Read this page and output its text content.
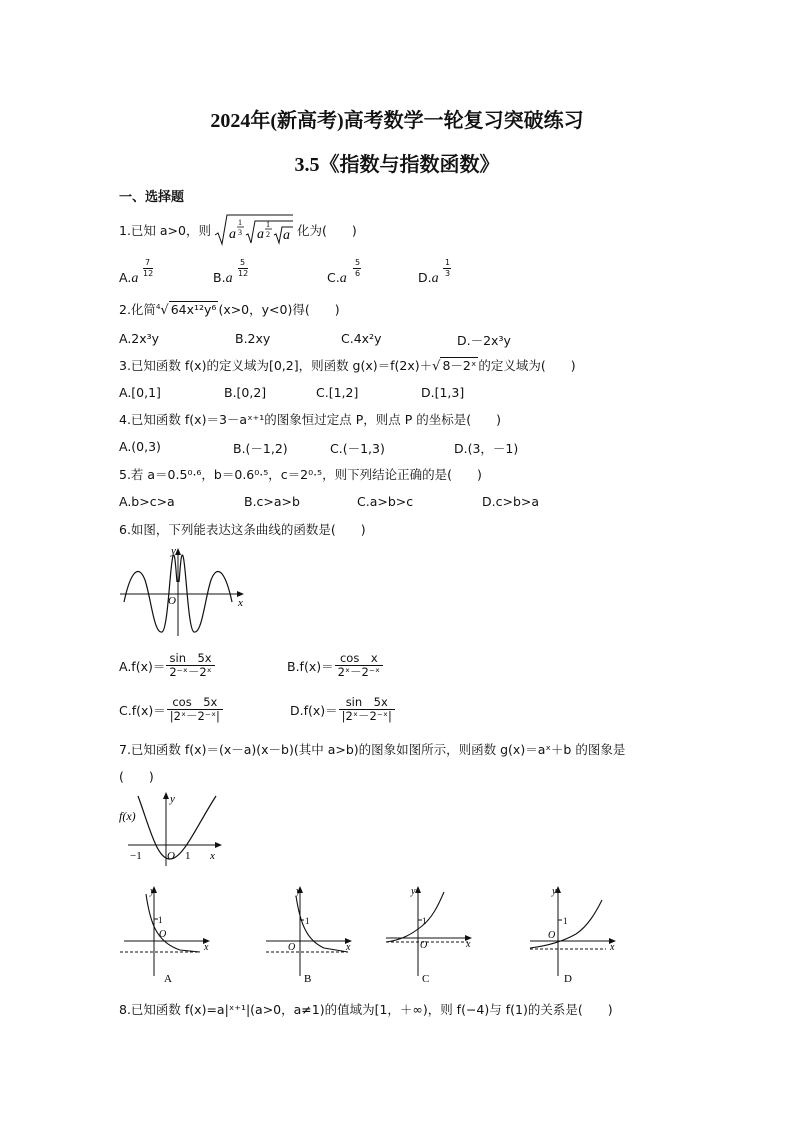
2024年(新高考)高考数学一轮复习突破练习
3.5《指数与指数函数》
一、选择题
1.已知 a>0，则 a
1
3 a
1
2 a 化为(　　)
A.a
7
12	B.a
5
12	C.a
5
6	D.a
1
3
2.化简$^4$√ 64x¹²y⁶ (x>0，y<0)得(　　)
A.2x³y	B.2xy	C.4x²y	D.－2x³y
3.已知函数 f(x)的定义域为[0,2]，则函数 g(x)＝f(2x)＋√ 8－2ˣ 的定义域为(　　)
A.[0,1]	B.[0,2]	C.[1,2]	D.[1,3]
4.已知函数 f(x)＝3－aˣ⁺¹的图象恒过定点 P，则点 P 的坐标是(　　)
A.(0,3)	B.(－1,2)	C.(－1,3)	D.(3，－1)
5.若 a＝0.5⁰·⁶，b＝0.6⁰·⁵，c＝2⁰·⁵，则下列结论正确的是(　　)
A.b>c>a	B.c>a>b	C.a>b>c	D.c>b>a
6.如图，下列能表达这条曲线的函数是(　　)
y
x
O
$A.f(x)= \frac{\sin 5x}{\text{2⁻ˣ－2ˣ}}$	$B.f(x)= \frac{\text{cos　x}}{\text{2ˣ－2⁻ˣ}}$
$C.f(x)= \frac{\cos 5x}{\text{|2ˣ－2⁻ˣ|}}$	$D.f(x)= \frac{\sin 5x}{\text{|2ˣ－2⁻ˣ|}}$
7.已知函数 f(x)＝(x－a)(x－b)(其中 a>b)的图象如图所示，则函数 g(x)＝aˣ＋b 的图象是
(　　)
y
f(x)
x
O
−1	1
y
1
O
x
A
y
1
O	x
B
y
1
O	x
C
y
1
O
x
D
8.已知函数 f(x)=a|ˣ⁺¹|(a>0，a≠1)的值域为[1，＋∞)，则 f(−4)与 f(1)的关系是(　　)
